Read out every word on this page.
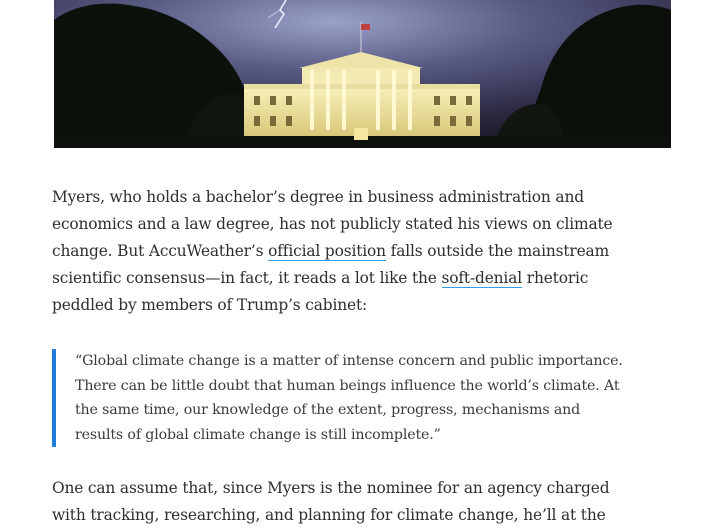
Myers, who holds a bachelor’s degree in business administration and
economics and a law degree, has not publicly stated his views on climate
change. But AccuWeather’s official position falls outside the mainstream
scientific consensus—in fact, it reads a lot like the soft-denial rhetoric
peddled by members of Trump’s cabinet:

“Global climate change is a matter of intense concern and public importance.
There can be little doubt that human beings influence the world’s climate. At
the same time, our knowledge of the extent, progress, mechanisms and
results of global climate change is still incomplete.”

One can assume that, since Myers is the nominee for an agency charged
with tracking, researching, and planning for climate change, he’ll at the
